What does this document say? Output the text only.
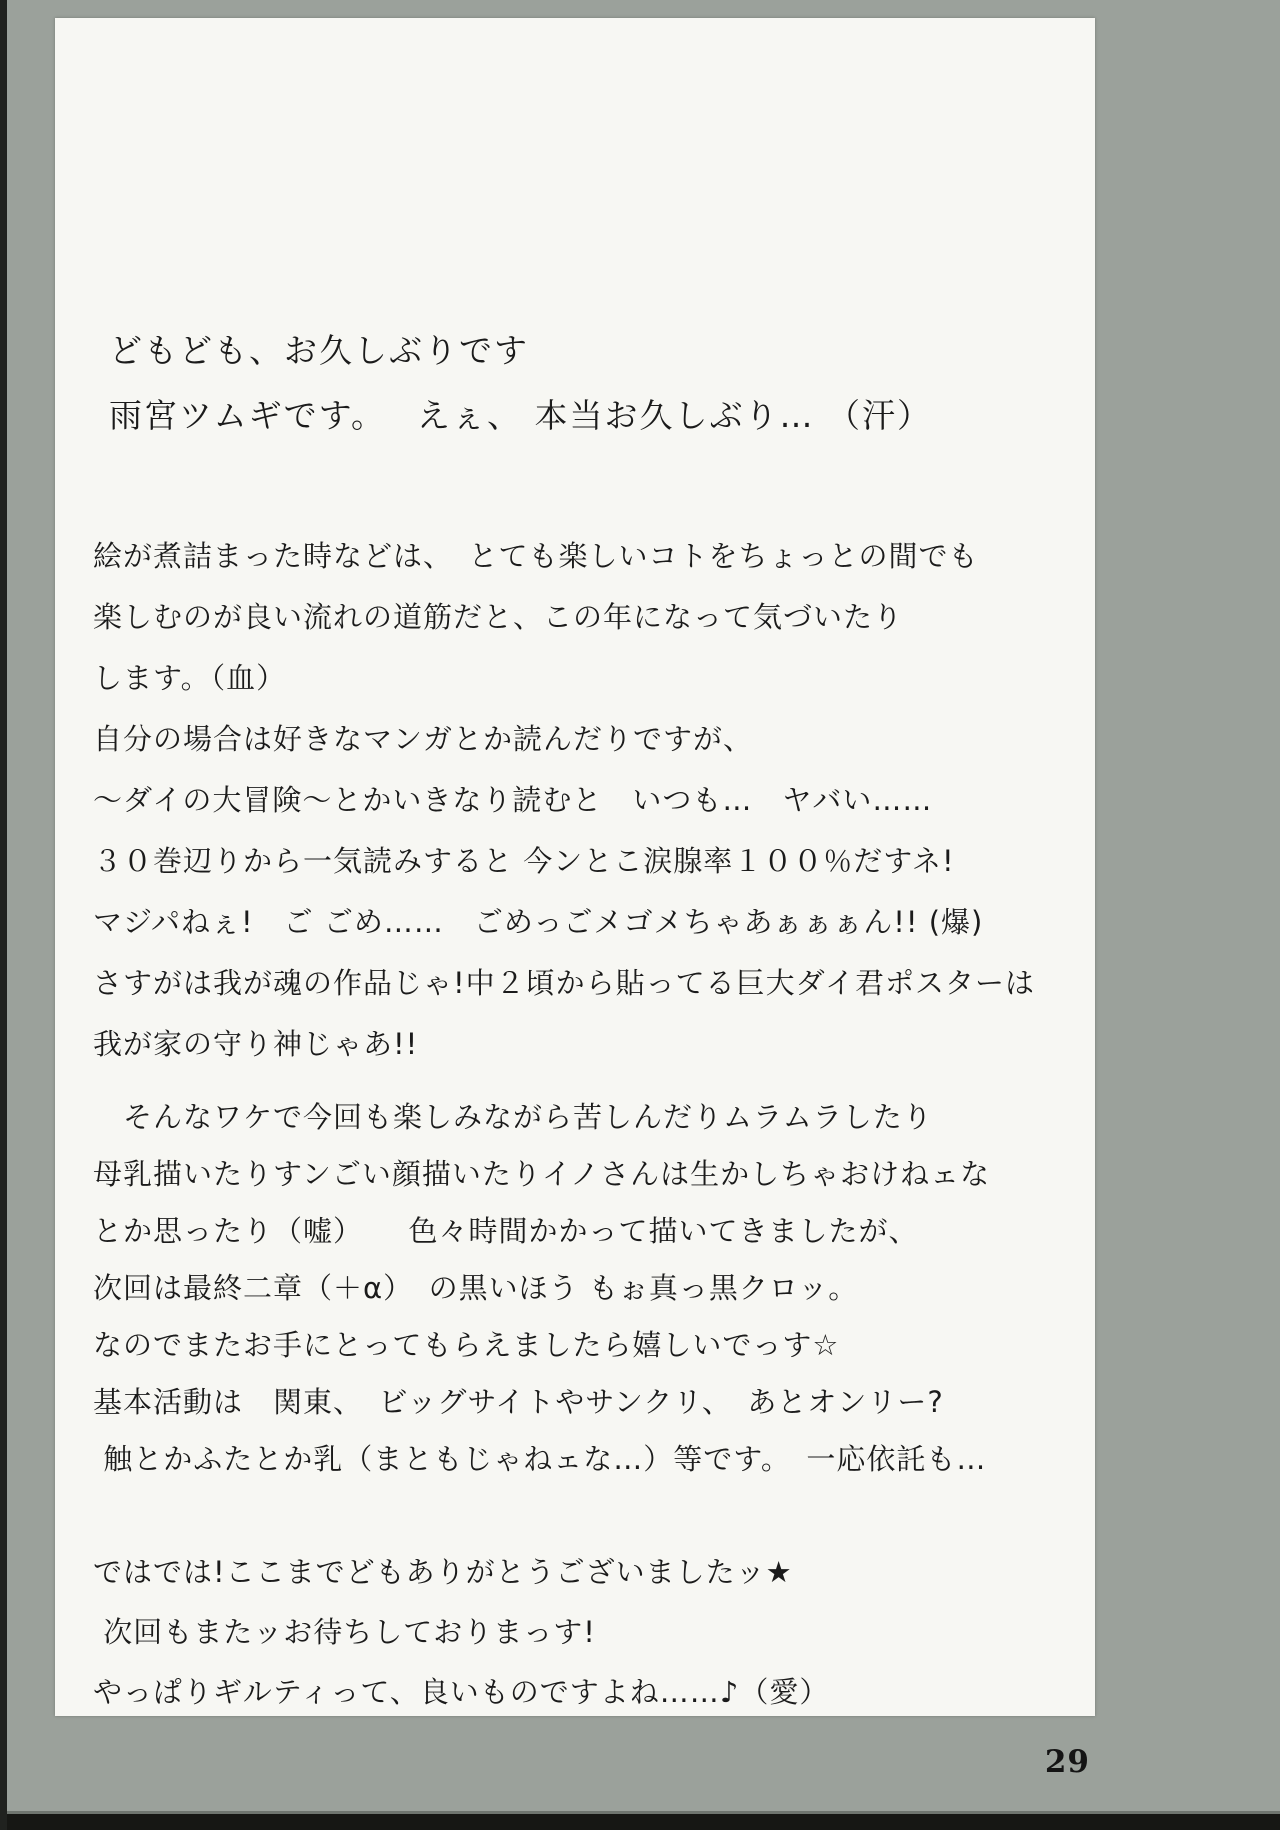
どもども、お久しぶりです
雨宮ツムギです。　 えぇ、 本当お久しぶり… （汗）
絵が煮詰まった時などは、　とても楽しいコトをちょっとの間でも
楽しむのが良い流れの道筋だと、この年になって気づいたり
します。（血）
自分の場合は好きなマンガとか読んだりですが、
～ダイの大冒険～とかいきなり読むと　いつも…　ヤバい……
３０巻辺りから一気読みすると 今ンとこ涙腺率１００％だすネ!
マジパねぇ!　ご ごめ……　ごめっごメゴメちゃあぁぁぁん!! (爆)
さすがは我が魂の作品じゃ!中２頃から貼ってる巨大ダイ君ポスターは
我が家の守り神じゃあ!!
　そんなワケで今回も楽しみながら苦しんだりムラムラしたり
母乳描いたりすンごい顔描いたりイノさんは生かしちゃおけねェな
とか思ったり（嘘）　　色々時間かかって描いてきましたが、
次回は最終二章（＋α）　の黒いほう もぉ真っ黒クロッ。
なのでまたお手にとってもらえましたら嬉しいでっす☆
基本活動は　関東、　ビッグサイトやサンクリ、　あとオンリー?
触とかふたとか乳（まともじゃねェな…）等です。　一応依託も…
ではでは!ここまでどもありがとうございましたッ★
次回もまたッお待ちしておりまっす!
やっぱりギルティって、良いものですよね……♪（愛）
29
